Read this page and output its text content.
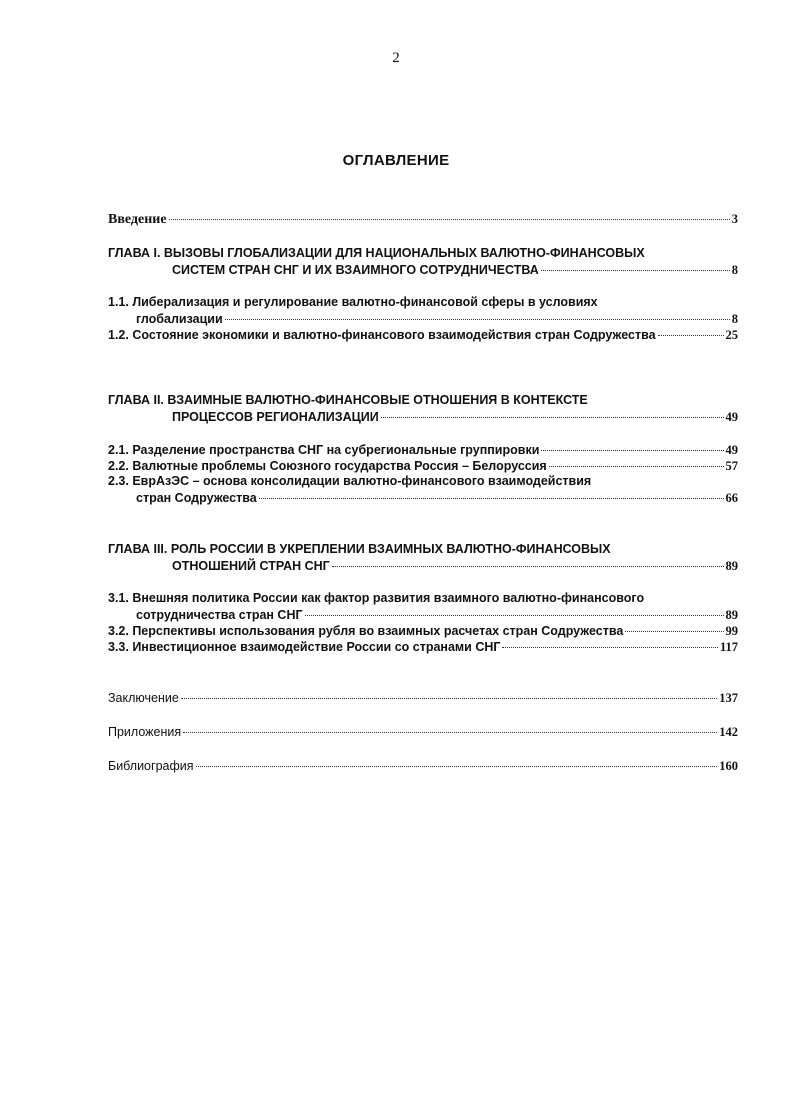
2
ОГЛАВЛЕНИЕ
Введение	3
ГЛАВА I. ВЫЗОВЫ ГЛОБАЛИЗАЦИИ ДЛЯ НАЦИОНАЛЬНЫХ ВАЛЮТНО-ФИНАНСОВЫХ
СИСТЕМ СТРАН СНГ И ИХ ВЗАИМНОГО СОТРУДНИЧЕСТВА	8
1.1. Либерализация и регулирование валютно-финансовой сферы в условиях
глобализации	8
1.2. Состояние экономики и валютно-финансового взаимодействия стран Содружества	25
ГЛАВА II. ВЗАИМНЫЕ ВАЛЮТНО-ФИНАНСОВЫЕ ОТНОШЕНИЯ В КОНТЕКСТЕ
ПРОЦЕССОВ РЕГИОНАЛИЗАЦИИ	49
2.1. Разделение пространства СНГ на субрегиональные группировки	49
2.2. Валютные проблемы Союзного государства Россия – Белоруссия	57
2.3. ЕврАзЭС – основа консолидации валютно-финансового взаимодействия
стран Содружества	66
ГЛАВА III. РОЛЬ РОССИИ В УКРЕПЛЕНИИ ВЗАИМНЫХ ВАЛЮТНО-ФИНАНСОВЫХ
ОТНОШЕНИЙ СТРАН СНГ	89
3.1. Внешняя политика России как фактор развития взаимного валютно-финансового
сотрудничества стран СНГ	89
3.2. Перспективы использования рубля во взаимных расчетах стран Содружества	99
3.3. Инвестиционное взаимодействие России со странами СНГ	117
Заключение	137
Приложения	142
Библиография	160
